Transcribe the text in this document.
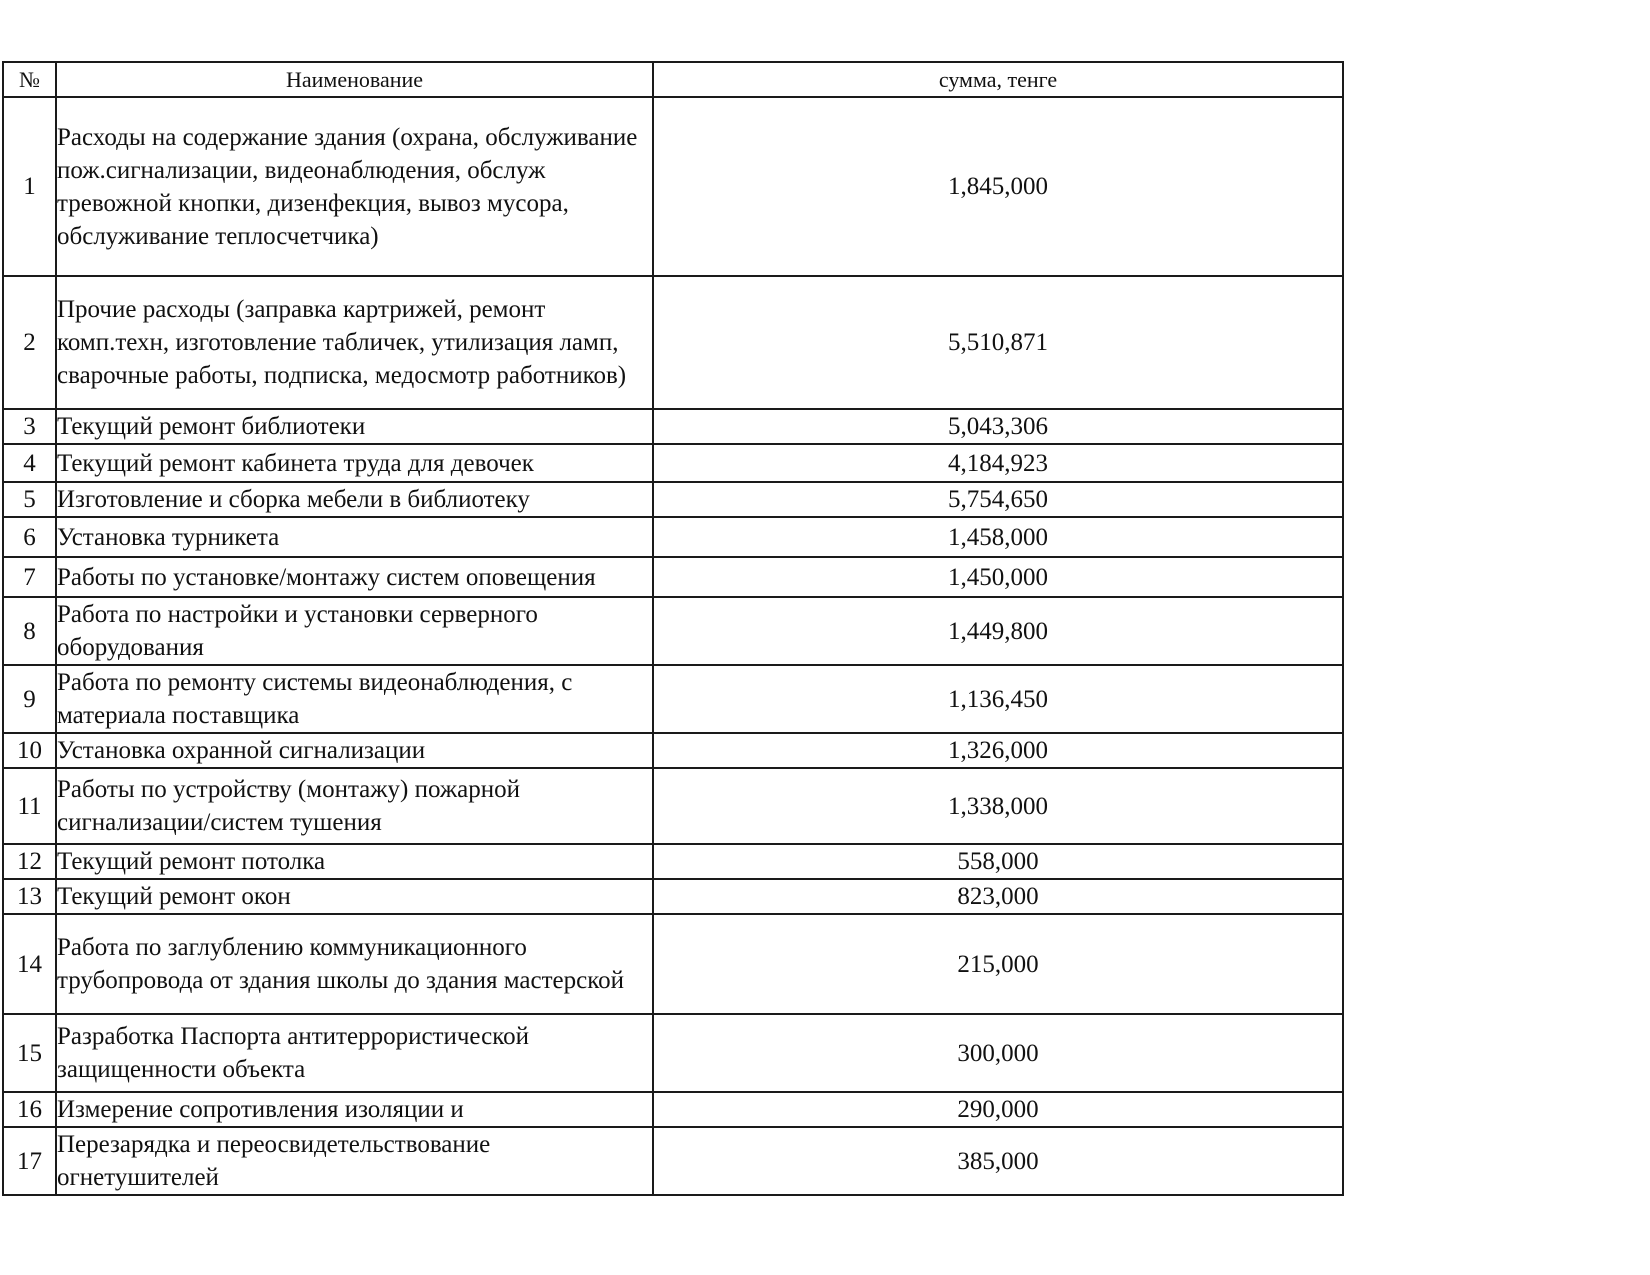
№	Наименование	сумма, тенге
1	Расходы на содержание здания (охрана, обслуживание пож.сигнализации, видеонаблюдения, обслуж тревожной кнопки, дизенфекция, вывоз мусора, обслуживание теплосчетчика)	1,845,000
2	Прочие расходы (заправка картрижей, ремонт комп.техн, изготовление табличек, утилизация ламп, сварочные работы, подписка, медосмотр работников)	5,510,871
3	Текущий ремонт библиотеки	5,043,306
4	Текущий ремонт кабинета труда для девочек	4,184,923
5	Изготовление и сборка мебели в библиотеку	5,754,650
6	Установка турникета	1,458,000
7	Работы по установке/монтажу систем оповещения	1,450,000
8	Работа по настройки и установки серверного оборудования	1,449,800
9	Работа по ремонту системы видеонаблюдения, с материала поставщика	1,136,450
10	Установка охранной сигнализации	1,326,000
11	Работы по устройству (монтажу) пожарной сигнализации/систем тушения	1,338,000
12	Текущий ремонт потолка	558,000
13	Текущий ремонт окон	823,000
14	Работа по заглублению коммуникационного трубопровода от здания школы до здания мастерской	215,000
15	Разработка Паспорта антитеррористической защищенности объекта	300,000
16	Измерение сопротивления изоляции и	290,000
17	Перезарядка и переосвидетельствование огнетушителей	385,000
